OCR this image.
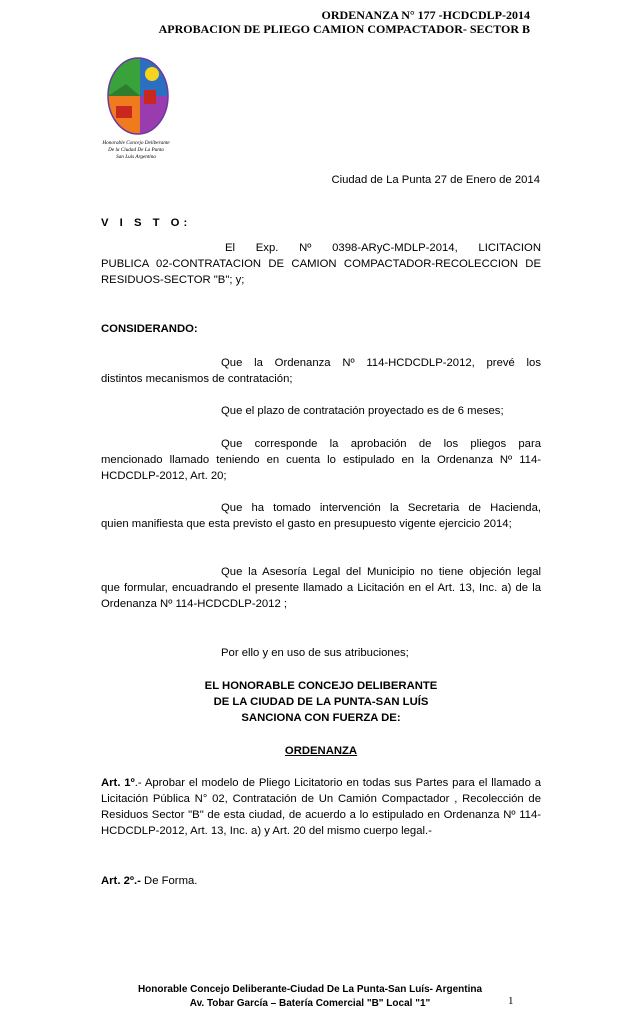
ORDENANZA N° 177 -HCDCDLP-2014
APROBACION DE PLIEGO CAMION COMPACTADOR- SECTOR B
Honorable Concejo Deliberante
De la Ciudad De La Punta
San Luis Argentina
Ciudad de La Punta 27 de Enero de 2014
V I S T O:
El Exp. Nº 0398-ARyC-MDLP-2014, LICITACION
PUBLICA 02-CONTRATACION DE CAMION COMPACTADOR-RECOLECCION DE RESIDUOS-SECTOR "B"; y;
CONSIDERANDO:
Que la Ordenanza Nº 114-HCDCDLP-2012, prevé los
distintos mecanismos de contratación;
Que el plazo de contratación proyectado es de 6 meses;
Que corresponde la aprobación de los pliegos para
mencionado llamado teniendo en cuenta lo estipulado en la Ordenanza Nº 114-HCDCDLP-2012, Art. 20;
Que ha tomado intervención la Secretaria de Hacienda,
quien manifiesta que esta previsto el gasto en presupuesto vigente ejercicio 2014;
Que la Asesoría Legal del Municipio no tiene objeción legal
que formular, encuadrando el presente llamado a Licitación en el Art. 13, Inc. a) de la Ordenanza Nº 114-HCDCDLP-2012 ;
Por ello y en uso de sus atribuciones;
EL HONORABLE CONCEJO DELIBERANTE
DE LA CIUDAD DE LA PUNTA-SAN LUÍS
SANCIONA CON FUERZA DE:
ORDENANZA
Art. 1º.- Aprobar el modelo de Pliego Licitatorio en todas sus Partes para el llamado a Licitación Pública N° 02, Contratación de Un Camión Compactador , Recolección de Residuos Sector "B" de esta ciudad, de acuerdo a lo estipulado en Ordenanza Nº 114-HCDCDLP-2012, Art. 13, Inc. a) y Art. 20 del mismo cuerpo legal.-
Art. 2º.- De Forma.
Honorable Concejo Deliberante-Ciudad De La Punta-San Luís- Argentina
Av. Tobar García – Batería Comercial "B" Local "1"	1
